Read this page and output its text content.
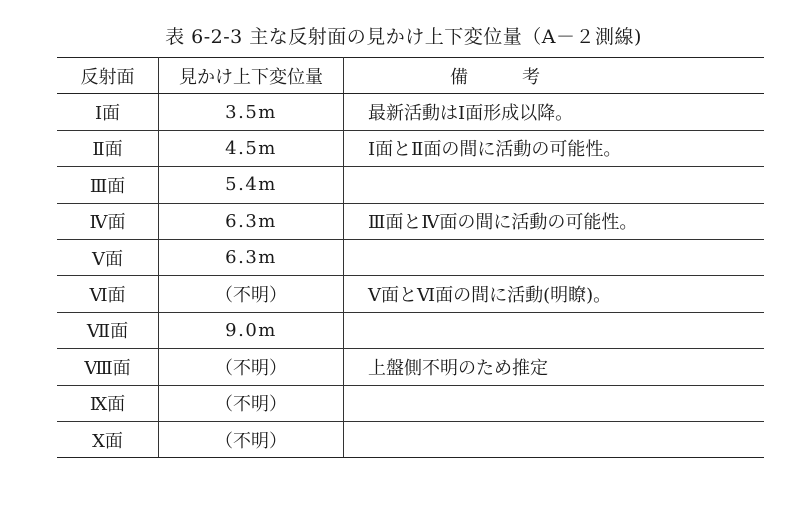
表 6-2-3 主な反射面の見かけ上下変位量（A－２測線)
反射面	見かけ上下変位量	備　考
Ⅰ面	3.5m	最新活動はⅠ面形成以降。
Ⅱ面	4.5m	Ⅰ面とⅡ面の間に活動の可能性。
Ⅲ面	5.4m	
Ⅳ面	6.3m	Ⅲ面とⅣ面の間に活動の可能性。
Ⅴ面	6.3m	
Ⅵ面	（不明）	Ⅴ面とⅥ面の間に活動(明瞭)。
Ⅶ面	9.0m	
Ⅷ面	（不明）	上盤側不明のため推定
Ⅸ面	（不明）	
Ⅹ面	（不明）	
